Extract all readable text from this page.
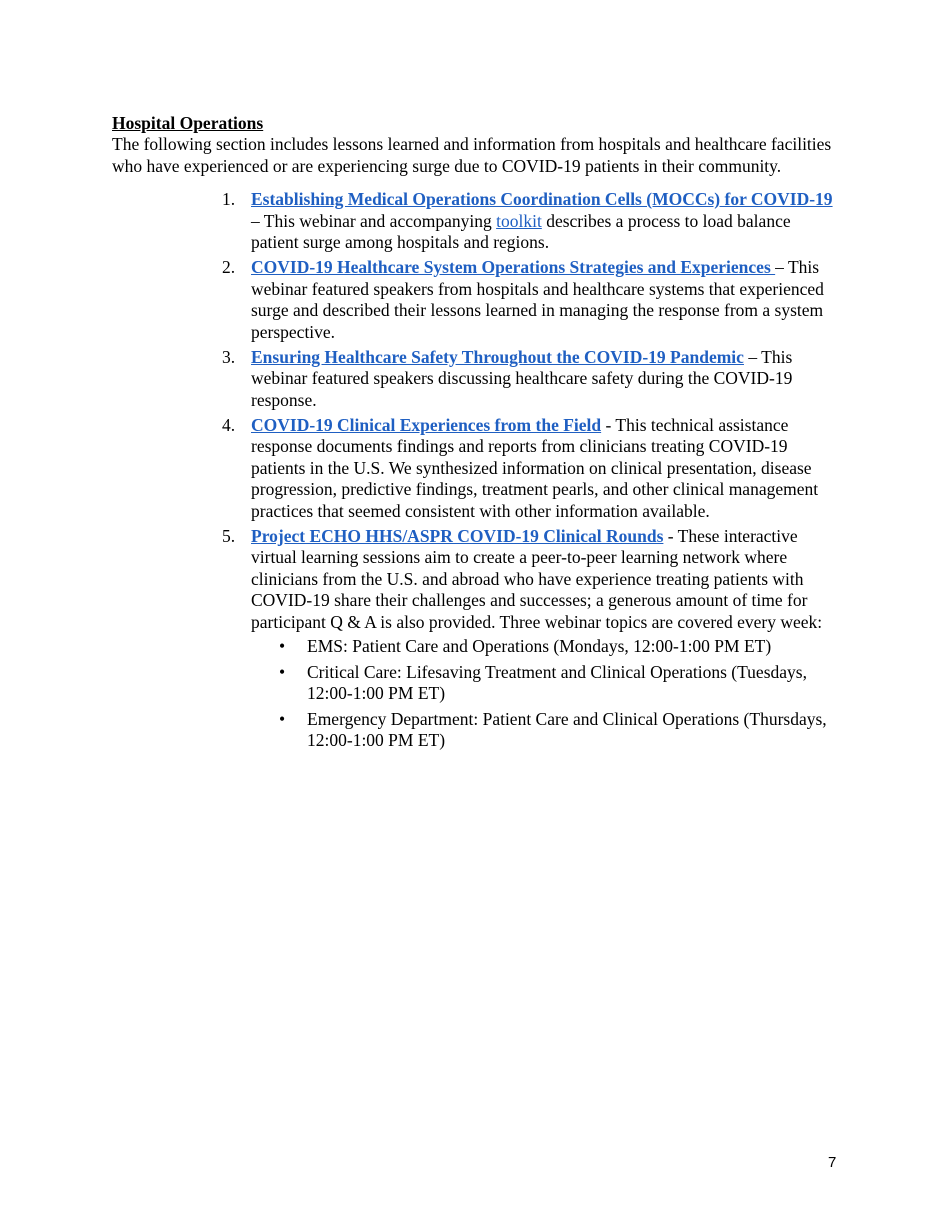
Hospital Operations
The following section includes lessons learned and information from hospitals and healthcare facilities who have experienced or are experiencing surge due to COVID-19 patients in their community.
1. Establishing Medical Operations Coordination Cells (MOCCs) for COVID-19 – This webinar and accompanying toolkit describes a process to load balance patient surge among hospitals and regions.
2. COVID-19 Healthcare System Operations Strategies and Experiences – This webinar featured speakers from hospitals and healthcare systems that experienced surge and described their lessons learned in managing the response from a system perspective.
3. Ensuring Healthcare Safety Throughout the COVID-19 Pandemic – This webinar featured speakers discussing healthcare safety during the COVID-19 response.
4. COVID-19 Clinical Experiences from the Field - This technical assistance response documents findings and reports from clinicians treating COVID-19 patients in the U.S. We synthesized information on clinical presentation, disease progression, predictive findings, treatment pearls, and other clinical management practices that seemed consistent with other information available.
5. Project ECHO HHS/ASPR COVID-19 Clinical Rounds - These interactive virtual learning sessions aim to create a peer-to-peer learning network where clinicians from the U.S. and abroad who have experience treating patients with COVID-19 share their challenges and successes; a generous amount of time for participant Q & A is also provided. Three webinar topics are covered every week:
• EMS: Patient Care and Operations (Mondays, 12:00-1:00 PM ET)
• Critical Care: Lifesaving Treatment and Clinical Operations (Tuesdays, 12:00-1:00 PM ET)
• Emergency Department: Patient Care and Clinical Operations (Thursdays, 12:00-1:00 PM ET)
7
